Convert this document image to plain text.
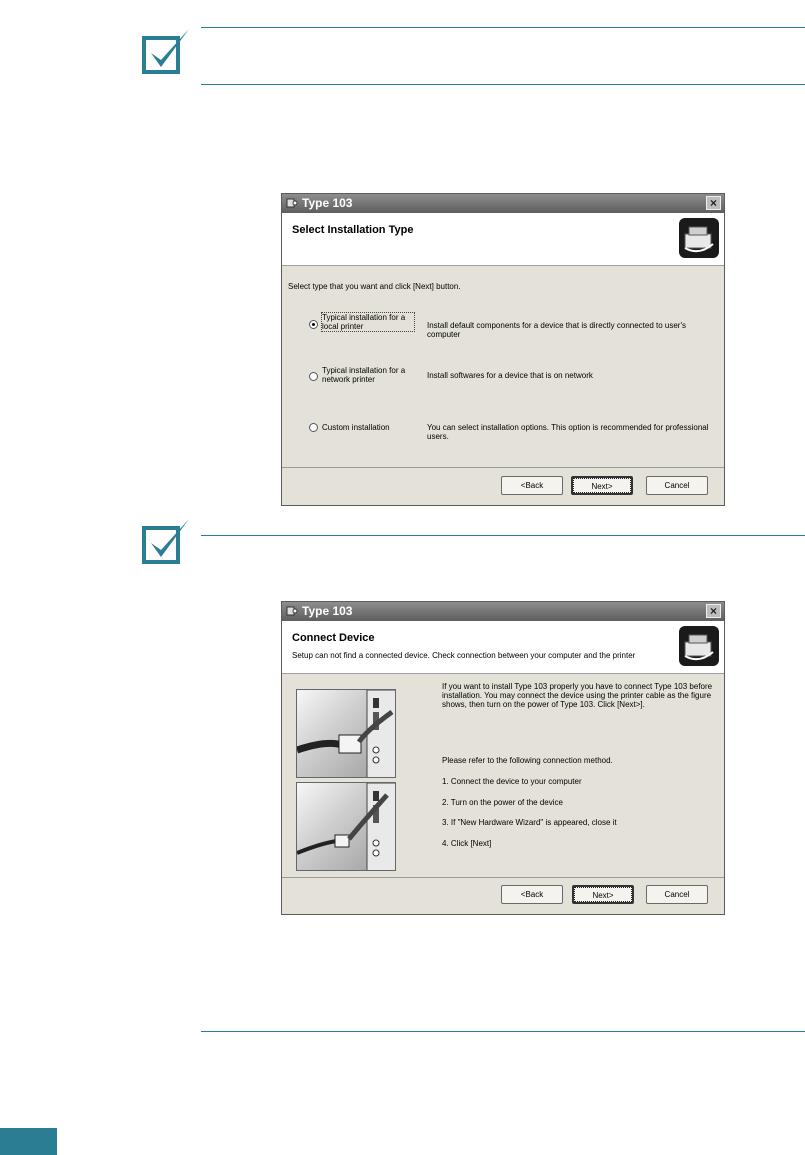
Type 103	×
Select Installation Type
Select type that you want and click [Next] button.
Typical installation for a local printer	Install default components for a device that is directly connected to user's computer
Typical installation for a network printer	Install softwares for a device that is on network
Custom installation	You can select installation options. This option is recommended for professional users.
<Back	Next>	Cancel
Type 103	×
Connect Device
Setup can not find a connected device. Check connection between your computer and the printer
If you want to install Type 103 properly you have to connect Type 103 before installation. You may connect the device using the printer cable as the figure shows, then turn on the power of Type 103. Click [Next>].
Please refer to the following connection method.
1. Connect the device to your computer
2. Turn on the power of the device
3. If "New Hardware Wizard" is appeared, close it
4. Click [Next]
<Back	Next>	Cancel
